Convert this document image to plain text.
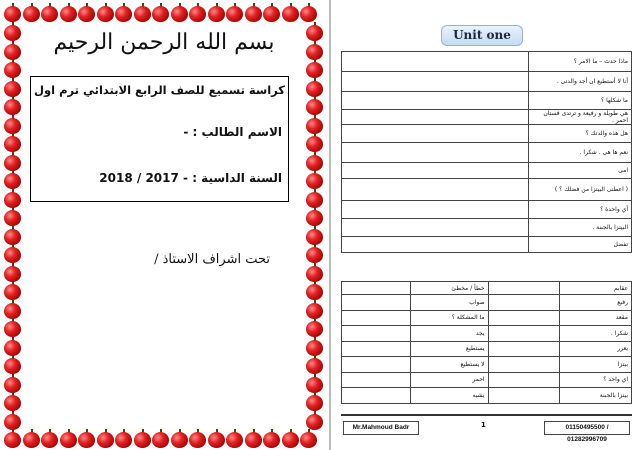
بسم الله الرحمن الرحيم
كراسة تسميع للصف الرابع الابتدائي ترم اول
الاسم الطالب : -
السنة الداسية : - 2017 / 2018
تحت اشراف الاستاذ /
Unit one
	ماذا حدث – ما الامر ؟
	أنا لا أستطيع ان أجد والدتى .
	ما شكلها ؟
	هي طويلة و رفيعة و ترتدى فستان احمر .
	هل هذه والدتك ؟
	نعم ها هى . شكرا .
	امى
	( اعطنى البيتزا من فضلك ؟ )
	أي واحدة ؟
	البيتزا بالجبنة .
	تفضل
	خطأ / مخطئ		عقابم
	صواب		رفيع
	ما المشكلة ؟		مقعد
	يجد		شكرا .
	يستطيع		يعرر
	لا يستطيع		بيتزا
	احمر		اي واحد ؟
	يشبه		بيتزا بالجبنة
Mr.Mahmoud Badr	1	01150495500 / 01282996709
